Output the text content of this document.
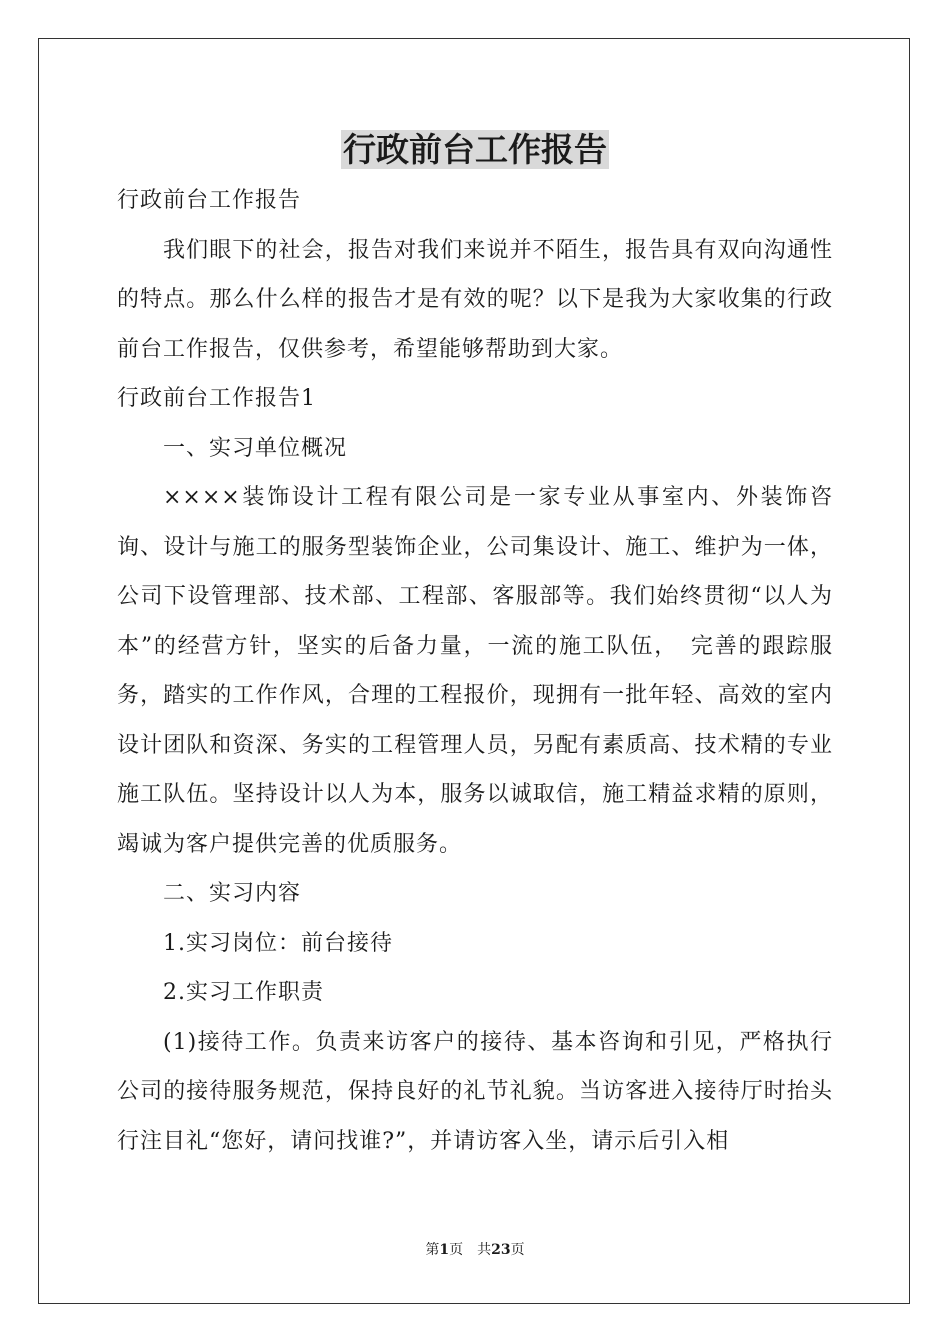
行政前台工作报告

行政前台工作报告

我们眼下的社会，报告对我们来说并不陌生，报告具有双向沟通性的特点。那么什么样的报告才是有效的呢？以下是我为大家收集的行政前台工作报告，仅供参考，希望能够帮助到大家。

行政前台工作报告1

一、实习单位概况

××××装饰设计工程有限公司是一家专业从事室内、外装饰咨询、设计与施工的服务型装饰企业，公司集设计、施工、维护为一体，公司下设管理部、技术部、工程部、客服部等。我们始终贯彻“以人为本”的经营方针，坚实的后备力量，一流的施工队伍，　完善的跟踪服务，踏实的工作作风，合理的工程报价，现拥有一批年轻、高效的室内设计团队和资深、务实的工程管理人员，另配有素质高、技术精的专业施工队伍。坚持设计以人为本，服务以诚取信，施工精益求精的原则，竭诚为客户提供完善的优质服务。

二、实习内容

1.实习岗位：前台接待

2.实习工作职责

(1)接待工作。负责来访客户的接待、基本咨询和引见，严格执行公司的接待服务规范，保持良好的礼节礼貌。当访客进入接待厅时抬头行注目礼“您好，请问找谁?”，并请访客入坐，请示后引入相

第1页 共23页
